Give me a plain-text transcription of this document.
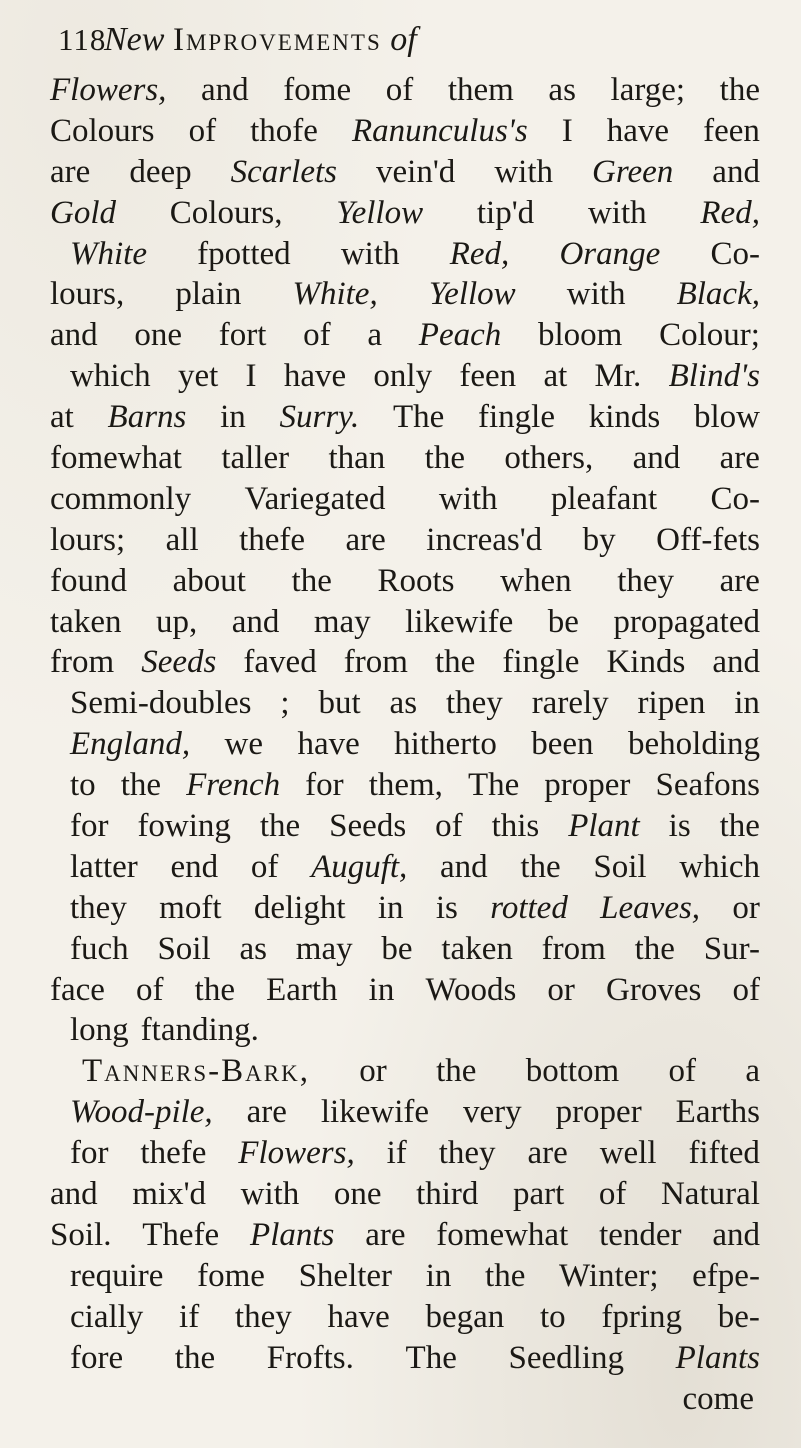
118
New Improvements of
Flowers, and fome of them as large; the
Colours of thofe Ranunculus's I have feen
are deep Scarlets vein'd with Green and
Gold Colours, Yellow tip'd with Red,
White fpotted with Red, Orange Co-
lours, plain White, Yellow with Black,
and one fort of a Peach bloom Colour;
which yet I have only feen at Mr. Blind's
at Barns in Surry. The fingle kinds blow
fomewhat taller than the others, and are
commonly Variegated with pleafant Co-
lours; all thefe are increas'd by Off-fets
found about the Roots when they are
taken up, and may likewife be propagated
from Seeds faved from the fingle Kinds and
Semi-doubles ; but as they rarely ripen in
England, we have hitherto been beholding
to the French for them, The proper Seafons
for fowing the Seeds of this Plant is the
latter end of Auguft, and the Soil which
they moft delight in is rotted Leaves, or
fuch Soil as may be taken from the Sur-
face of the Earth in Woods or Groves of
long ftanding.
Tanners-Bark, or the bottom of a
Wood-pile, are likewife very proper Earths
for thefe Flowers, if they are well fifted
and mix'd with one third part of Natural
Soil. Thefe Plants are fomewhat tender and
require fome Shelter in the Winter; efpe-
cially if they have began to fpring be-
fore the Frofts. The Seedling Plants
come
